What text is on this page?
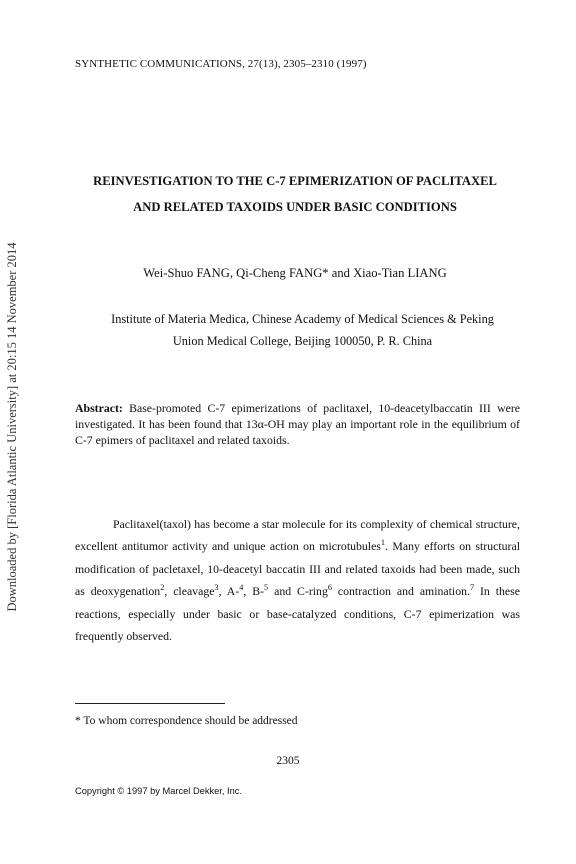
Downloaded by [Florida Atlantic University] at 20:15 14 November 2014
SYNTHETIC COMMUNICATIONS, 27(13), 2305–2310 (1997)
REINVESTIGATION TO THE C-7 EPIMERIZATION OF PACLITAXEL
AND RELATED TAXOIDS UNDER BASIC CONDITIONS
Wei-Shuo FANG, Qi-Cheng FANG* and Xiao-Tian LIANG
Institute of Materia Medica, Chinese Academy of Medical Sciences & Peking
Union Medical College, Beijing 100050, P. R. China
Abstract: Base-promoted C-7 epimerizations of paclitaxel, 10-deacetylbaccatin III were investigated. It has been found that 13α-OH may play an important role in the equilibrium of C-7 epimers of paclitaxel and related taxoids.

Paclitaxel(taxol) has become a star molecule for its complexity of chemical structure, excellent antitumor activity and unique action on microtubules$^1$. Many efforts on structural modification of pacletaxel, 10-deacetyl baccatin III and related taxoids had been made, such as deoxygenation$^2$, cleavage$^3$, A-$^4$, B-$^5$ and C-ring$^6$ contraction and amination.$^7$ In these reactions, especially under basic or base-catalyzed conditions, C-7 epimerization was frequently observed.

* To whom correspondence should be addressed
2305
Copyright © 1997 by Marcel Dekker, Inc.
